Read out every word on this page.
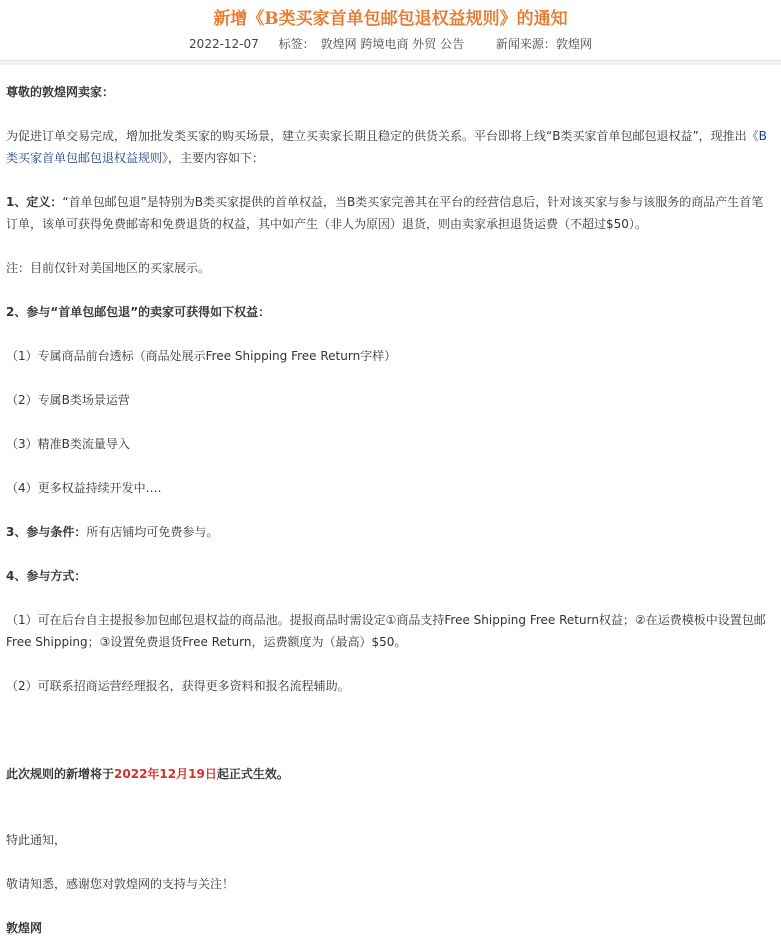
新增《B类买家首单包邮包退权益规则》的通知
2022-12-07 标签： 敦煌网 跨境电商 外贸 公告	新闻来源：敦煌网

尊敬的敦煌网卖家：

为促进订单交易完成，增加批发类买家的购买场景，建立买卖家长期且稳定的供货关系。平台即将上线“B类买家首单包邮包退权益”，现推出《B类买家首单包邮包退权益规则》，主要内容如下：

1、定义：“首单包邮包退”是特别为B类买家提供的首单权益，当B类买家完善其在平台的经营信息后，针对该买家与参与该服务的商品产生首笔订单，该单可获得免费邮寄和免费退货的权益，其中如产生（非人为原因）退货，则由卖家承担退货运费（不超过$50）。

注：目前仅针对美国地区的买家展示。

2、参与“首单包邮包退”的卖家可获得如下权益：

（1）专属商品前台透标（商品处展示Free Shipping Free Return字样）

（2）专属B类场景运营

（3）精准B类流量导入

（4）更多权益持续开发中….

3、参与条件：所有店铺均可免费参与。

4、参与方式：

（1）可在后台自主提报参加包邮包退权益的商品池。提报商品时需设定①商品支持Free Shipping Free Return权益；②在运费模板中设置包邮Free Shipping；③设置免费退货Free Return，运费额度为（最高）$50。

（2）可联系招商运营经理报名，获得更多资料和报名流程辅助。

此次规则的新增将于2022年12月19日起正式生效。

特此通知，

敬请知悉，感谢您对敦煌网的支持与关注！

敦煌网
